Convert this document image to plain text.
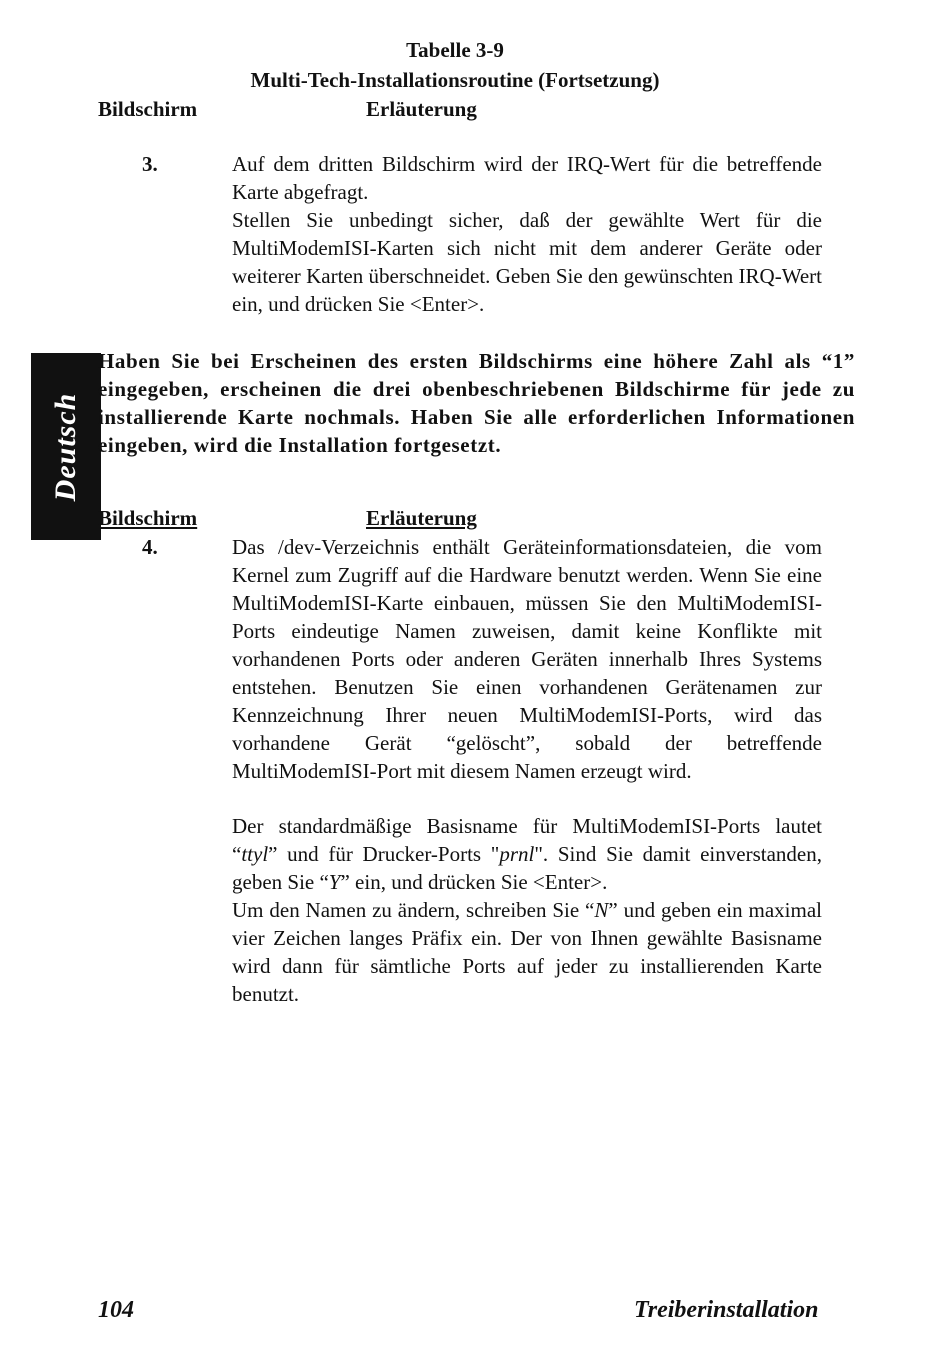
Tabelle 3-9
Multi-Tech-Installationsroutine (Fortsetzung)
Bildschirm	Erläuterung
3.	Auf dem dritten Bildschirm wird der IRQ-Wert für die betreffende Karte abgefragt.
Stellen Sie unbedingt sicher, daß der gewählte Wert für die MultiModemISI-Karten sich nicht mit dem anderer Geräte oder weiterer Karten überschneidet. Geben Sie den gewünschten IRQ-Wert ein, und drücken Sie <Enter>.
Deutsch
Haben Sie bei Erscheinen des ersten Bildschirms eine höhere Zahl als “1” eingegeben, erscheinen die drei obenbeschriebenen Bildschirme für jede zu installierende Karte nochmals. Haben Sie alle erforderlichen Informationen eingeben, wird die Installation fortgesetzt.
Bildschirm	Erläuterung
4.	Das /dev-Verzeichnis enthält Geräteinformationsdateien, die vom Kernel zum Zugriff auf die Hardware benutzt werden. Wenn Sie eine MultiModemISI-Karte einbauen, müssen Sie den MultiModemISI-Ports eindeutige Namen zuweisen, damit keine Konflikte mit vorhandenen Ports oder anderen Geräten innerhalb Ihres Systems entstehen. Benutzen Sie einen vorhandenen Gerätenamen zur Kennzeichnung Ihrer neuen MultiModemISI-Ports, wird das vorhandene Gerät “gelöscht”, sobald der betreffende MultiModemISI-Port mit diesem Namen erzeugt wird.
Der standardmäßige Basisname für MultiModemISI-Ports lautet “ttyl” und für Drucker-Ports "prnl". Sind Sie damit einverstanden, geben Sie “Y” ein, und drücken Sie <Enter>.
Um den Namen zu ändern, schreiben Sie “N” und geben ein maximal vier Zeichen langes Präfix ein. Der von Ihnen gewählte Basisname wird dann für sämtliche Ports auf jeder zu installierenden Karte benutzt.
104	Treiberinstallation
